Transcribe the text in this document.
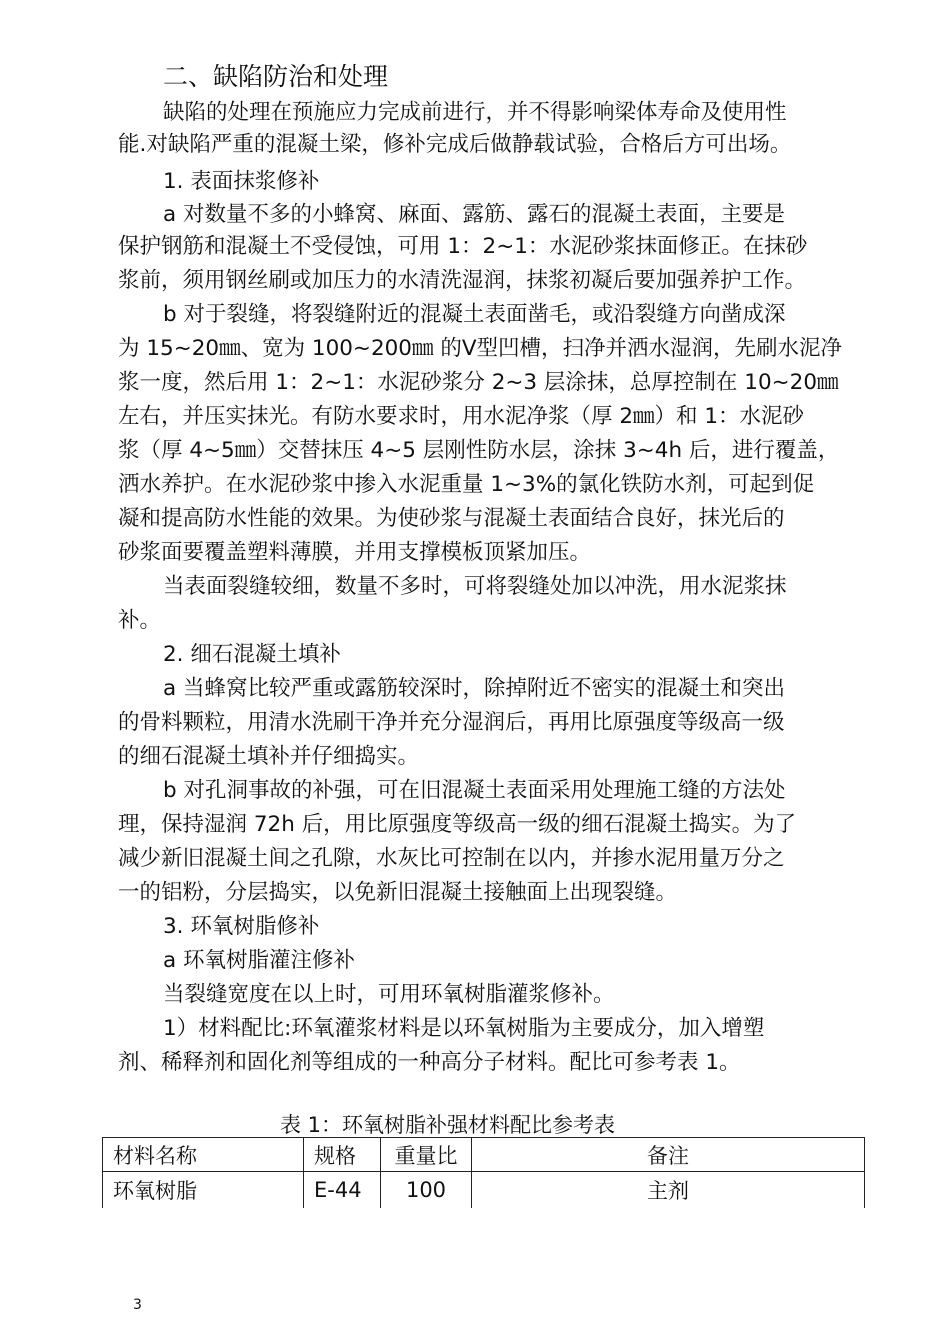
二、缺陷防治和处理
缺陷的处理在预施应力完成前进行，并不得影响梁体寿命及使用性
能.对缺陷严重的混凝土梁，修补完成后做静载试验，合格后方可出场。
1. 表面抹浆修补
a 对数量不多的小蜂窝、麻面、露筋、露石的混凝土表面，主要是
保护钢筋和混凝土不受侵蚀，可用 1：2~1：水泥砂浆抹面修正。在抹砂
浆前，须用钢丝刷或加压力的水清洗湿润，抹浆初凝后要加强养护工作。
b 对于裂缝，将裂缝附近的混凝土表面凿毛，或沿裂缝方向凿成深
为 15~20㎜、宽为 100~200㎜ 的Ⅴ型凹槽，扫净并洒水湿润，先刷水泥净
浆一度，然后用 1：2~1：水泥砂浆分 2~3 层涂抹，总厚控制在 10~20㎜
左右，并压实抹光。有防水要求时，用水泥净浆（厚 2㎜）和 1：水泥砂
浆（厚 4~5㎜）交替抹压 4~5 层刚性防水层，涂抹 3~4h 后，进行覆盖，
洒水养护。在水泥砂浆中掺入水泥重量 1~3%的氯化铁防水剂，可起到促
凝和提高防水性能的效果。为使砂浆与混凝土表面结合良好，抹光后的
砂浆面要覆盖塑料薄膜，并用支撑模板顶紧加压。
当表面裂缝较细，数量不多时，可将裂缝处加以冲洗，用水泥浆抹
补。
2. 细石混凝土填补
a 当蜂窝比较严重或露筋较深时，除掉附近不密实的混凝土和突出
的骨料颗粒，用清水洗刷干净并充分湿润后，再用比原强度等级高一级
的细石混凝土填补并仔细捣实。
b 对孔洞事故的补强，可在旧混凝土表面采用处理施工缝的方法处
理，保持湿润 72h 后，用比原强度等级高一级的细石混凝土捣实。为了
减少新旧混凝土间之孔隙，水灰比可控制在以内，并掺水泥用量万分之
一的铝粉，分层捣实，以免新旧混凝土接触面上出现裂缝。
3. 环氧树脂修补
a 环氧树脂灌注修补
当裂缝宽度在以上时，可用环氧树脂灌浆修补。
1）材料配比:环氧灌浆材料是以环氧树脂为主要成分，加入增塑
剂、稀释剂和固化剂等组成的一种高分子材料。配比可参考表 1。
表 1：环氧树脂补强材料配比参考表
材料名称	规格	重量比	备注
环氧树脂	E-44	100	主剂
3
